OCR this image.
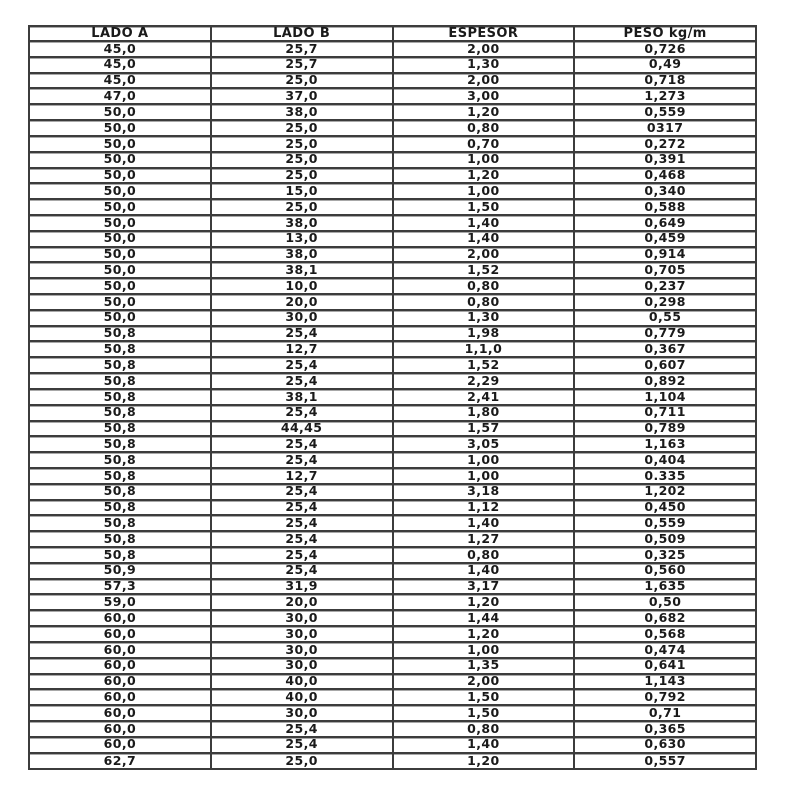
LADO A	LADO B	ESPESOR	PESO kg/m
45,0	25,7	2,00	0,726
45,0	25,7	1,30	0,49
45,0	25,0	2,00	0,718
47,0	37,0	3,00	1,273
50,0	38,0	1,20	0,559
50,0	25,0	0,80	0317
50,0	25,0	0,70	0,272
50,0	25,0	1,00	0,391
50,0	25,0	1,20	0,468
50,0	15,0	1,00	0,340
50,0	25,0	1,50	0,588
50,0	38,0	1,40	0,649
50,0	13,0	1,40	0,459
50,0	38,0	2,00	0,914
50,0	38,1	1,52	0,705
50,0	10,0	0,80	0,237
50,0	20,0	0,80	0,298
50,0	30,0	1,30	0,55
50,8	25,4	1,98	0,779
50,8	12,7	1,1,0	0,367
50,8	25,4	1,52	0,607
50,8	25,4	2,29	0,892
50,8	38,1	2,41	1,104
50,8	25,4	1,80	0,711
50,8	44,45	1,57	0,789
50,8	25,4	3,05	1,163
50,8	25,4	1,00	0,404
50,8	12,7	1,00	0.335
50,8	25,4	3,18	1,202
50,8	25,4	1,12	0,450
50,8	25,4	1,40	0,559
50,8	25,4	1,27	0,509
50,8	25,4	0,80	0,325
50,9	25,4	1,40	0,560
57,3	31,9	3,17	1,635
59,0	20,0	1,20	0,50
60,0	30,0	1,44	0,682
60,0	30,0	1,20	0,568
60,0	30,0	1,00	0,474
60,0	30,0	1,35	0,641
60,0	40,0	2,00	1,143
60,0	40,0	1,50	0,792
60,0	30,0	1,50	0,71
60,0	25,4	0,80	0,365
60,0	25,4	1,40	0,630
62,7	25,0	1,20	0,557
